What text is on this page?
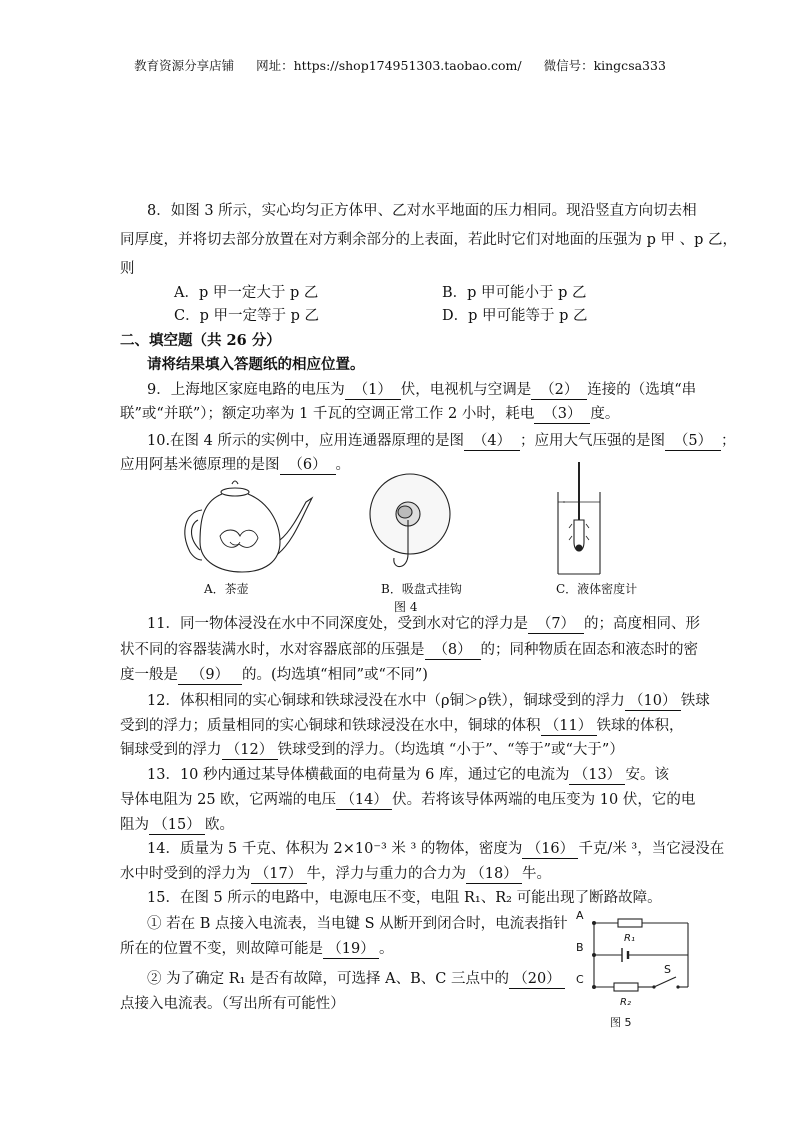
教育资源分享店铺 网址：https://shop174951303.taobao.com/ 微信号：kingcsa333
8．如图 3 所示，实心均匀正方体甲、乙对水平地面的压力相同。现沿竖直方向切去相
同厚度，并将切去部分放置在对方剩余部分的上表面，若此时它们对地面的压强为 p 甲 、p 乙，
则
A．p 甲一定大于 p 乙	B．p 甲可能小于 p 乙
C．p 甲一定等于 p 乙	D．p 甲可能等于 p 乙
二、填空题（共 26 分）
请将结果填入答题纸的相应位置。
9．上海地区家庭电路的电压为 （1） 伏，电视机与空调是 （2） 连接的（选填“串
联”或“并联”）；额定功率为 1 千瓦的空调正常工作 2 小时，耗电 （3） 度。
10.在图 4 所示的实例中，应用连通器原理的是图 （4） ；应用大气压强的是图 （5） ；
应用阿基米德原理的是图 （6） 。
A．茶壶	B．吸盘式挂钩	C．液体密度计
图 4
11．同一物体浸没在水中不同深度处，受到水对它的浮力是 （7） 的；高度相同、形
状不同的容器装满水时，水对容器底部的压强是 （8） 的；同种物质在固态和液态时的密
度一般是 （9） 的。(均选填“相同”或“不同”)
12．体积相同的实心铜球和铁球浸没在水中（ρ铜＞ρ铁），铜球受到的浮力 （10） 铁球
受到的浮力；质量相同的实心铜球和铁球浸没在水中，铜球的体积 （11） 铁球的体积，
铜球受到的浮力 （12） 铁球受到的浮力。（均选填 “小于”、“等于”或“大于”）
13．10 秒内通过某导体横截面的电荷量为 6 库，通过它的电流为 （13） 安。该
导体电阻为 25 欧，它两端的电压 （14） 伏。若将该导体两端的电压变为 10 伏，它的电
阻为 （15） 欧。
14．质量为 5 千克、体积为 2×10⁻³ 米 ³ 的物体，密度为 （16） 千克/米 ³，当它浸没在
水中时受到的浮力为 （17） 牛，浮力与重力的合力为 （18） 牛。
15．在图 5 所示的电路中，电源电压不变，电阻 R₁、R₂ 可能出现了断路故障。
① 若在 B 点接入电流表，当电键 S 从断开到闭合时，电流表指针
所在的位置不变，则故障可能是 （19） 。
② 为了确定 R₁ 是否有故障，可选择 A、B、C 三点中的 （20）
点接入电流表。（写出所有可能性）
A
B
C
R₁
R₂
S
图 5
